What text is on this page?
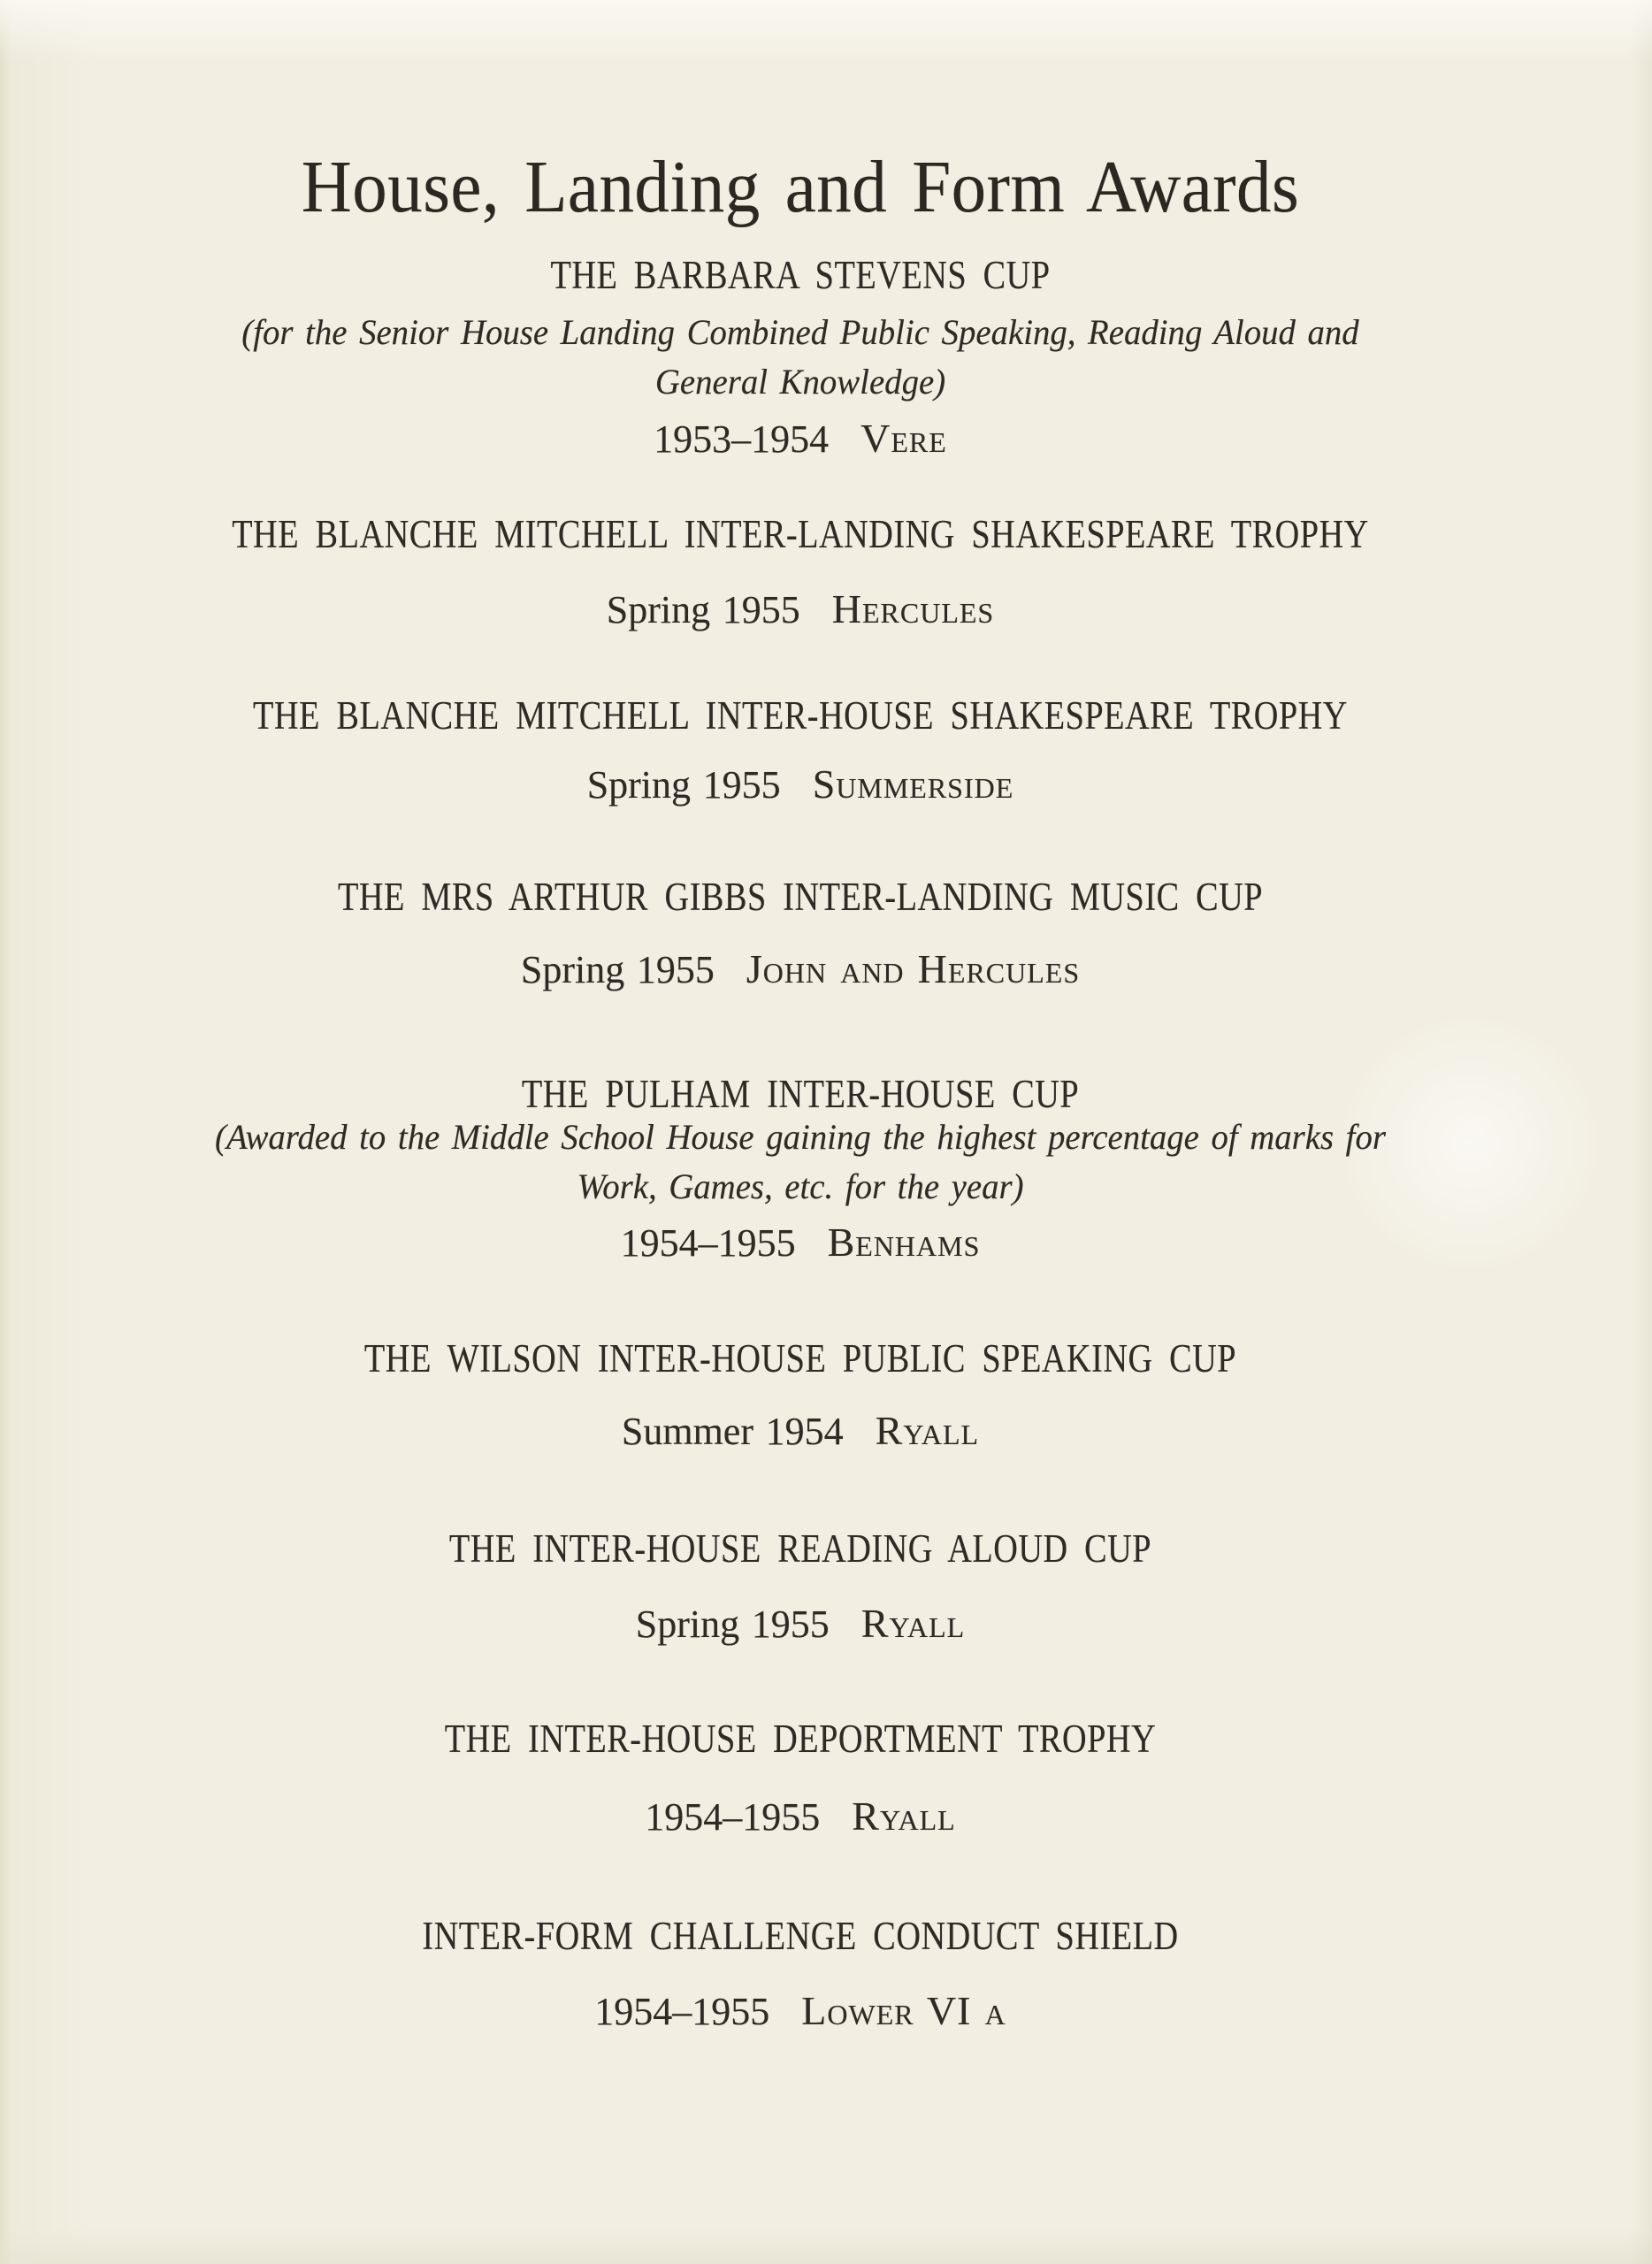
House, Landing and Form Awards
THE BARBARA STEVENS CUP
(for the Senior House Landing Combined Public Speaking, Reading Aloud and
General Knowledge)
1953–1954 Vere
THE BLANCHE MITCHELL INTER-LANDING SHAKESPEARE TROPHY
Spring 1955 Hercules
THE BLANCHE MITCHELL INTER-HOUSE SHAKESPEARE TROPHY
Spring 1955 Summerside
THE MRS ARTHUR GIBBS INTER-LANDING MUSIC CUP
Spring 1955 John and Hercules
THE PULHAM INTER-HOUSE CUP
(Awarded to the Middle School House gaining the highest percentage of marks for
Work, Games, etc. for the year)
1954–1955 Benhams
THE WILSON INTER-HOUSE PUBLIC SPEAKING CUP
Summer 1954 Ryall
THE INTER-HOUSE READING ALOUD CUP
Spring 1955 Ryall
THE INTER-HOUSE DEPORTMENT TROPHY
1954–1955 Ryall
INTER-FORM CHALLENGE CONDUCT SHIELD
1954–1955 Lower VI a
